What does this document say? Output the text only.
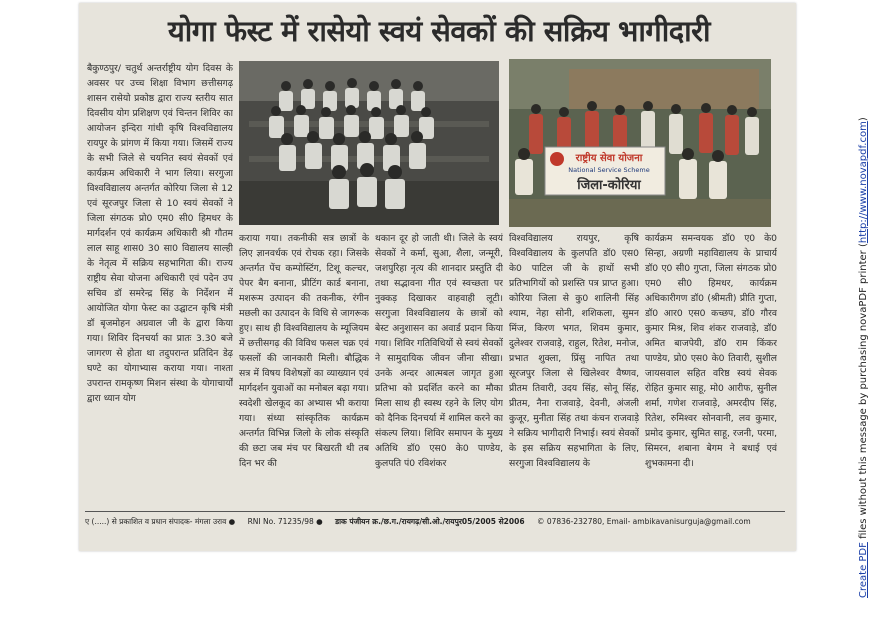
योगा फेस्ट में रासेयो स्वयं सेवकों की सक्रिय भागीदारी
राष्ट्रीय सेवा योजना
National Service Scheme
जिला-कोरिया

बैकुण्ठपुर/ चतुर्थ अन्तर्राष्ट्रीय योग दिवस के अवसर पर उच्च शिक्षा विभाग छत्तीसगढ़ शासन रासेयो प्रकोष्ठ द्वारा राज्य स्तरीय सात दिवसीय योग प्रशिक्षण एवं चिन्तन शिविर का आयोजन इन्दिरा गांधी कृषि विश्वविद्यालय रायपुर के प्रांगण में किया गया। जिसमें राज्य के सभी जिले से चयनित स्वयं सेवकों एवं कार्यक्रम अधिकारी ने भाग लिया। सरगुजा विश्वविद्यालय अन्तर्गत कोरिया जिला से 12 एवं सूरजपुर जिला से 10 स्वयं सेवकों ने जिला संगठक प्रो0 एम0 सी0 हिमधर के मार्गदर्शन एवं कार्यक्रम अधिकारी श्री गौतम लाल साहू शास0 30 सा0 विद्यालय साल्ही के नेतृत्व में सक्रिय सहभागिता की। राज्य राष्ट्रीय सेवा योजना अधिकारी एवं पदेन उप सचिव डॉ समरेन्द्र सिंह के निर्देशन में आयोजित योगा फेस्ट का उद्घाटन कृषि मंत्री डॉ बृजमोहन अग्रवाल जी के द्वारा किया गया। शिविर दिनचर्या का प्रातः 3.30 बजे जागरण से होता था तदुपरान्त प्रतिदिन डेढ़ घण्टे का योगाभ्यास कराया गया। नाश्ता उपरान्त रामकृष्ण मिशन संस्था के योगाचार्यों द्वारा ध्यान योग

कराया गया। तकनीकी सत्र छात्रों के लिए ज्ञानवर्धक एवं रोचक रहा। जिसके अन्तर्गत पेंच कम्पोस्टिंग, टिशू कल्चर, पेपर बैग बनाना, प्रीटिंग कार्ड बनाना, मशरूम उत्पादन की तकनीक, रंगीन मछली का उत्पादन के विधि से जागरूक हुए। साथ ही विश्वविद्यालय के म्यूजियम में छत्तीसगढ़ की विविध फसल चक्र एवं फसलों की जानकारी मिली। बौद्धिक सत्र में विषय विशेषज्ञों का व्याख्यान एवं मार्गदर्शन युवाओं का मनोबल बढ़ा गया। स्वदेशी खेलकूद का अभ्यास भी कराया गया। संध्या सांस्कृतिक कार्यक्रम अन्तर्गत विभिन्न जिलो के लोक संस्कृति की छटा जब मंच पर बिखरती थी तब दिन भर की

थकान दूर हो जाती थी। जिले के स्वयं सेवकों ने कर्मा, सुआ, शैला, जन्मूरी, जशपुरिहा नृत्य की शानदार प्रस्तुति दी तथा सद्भावना गीत एवं स्वच्छता पर नुक्कड़ दिखाकर वाहवाही लूटी। सरगुजा विश्वविद्यालय के छात्रों को बेस्ट अनुशासन का अवार्ड प्रदान किया गया। शिविर गतिविधियों से स्वयं सेवकों ने सामुदायिक जीवन जीना सीखा। उनके अन्दर आत्मबल जागृत हुआ प्रतिभा को प्रदर्शित करने का मौका मिला साथ ही स्वस्थ रहने के लिए योग को दैनिक दिनचर्या में शामिल करने का संकल्प लिया। शिविर समापन के मुख्य अतिथि डॉ0 एस0 के0 पाण्डेय, कुलपति पं0 रविशंकर

विश्वविद्यालय रायपुर, कृषि विश्वविद्यालय के कुलपति डॉ0 एस0 के0 पाटिल जी के हाथों सभी प्रतिभागियों को प्रशस्ति पत्र प्राप्त हुआ। कोरिया जिला से कु0 शालिनी सिंह श्याम, नेहा सोनी, शशिकला, सुमन मिंज, किरण भगत, शिवम कुमार, दुलेश्वर राजवाड़े, राहुल, रितेश, मनोज, प्रभात शुक्ला, प्रिंसु नापित तथा सूरजपुर जिला से खिलेश्वर वैष्णव, प्रीतम तिवारी, उदय सिंह, सोनू सिंह, प्रीतम, नैना राजवाड़े, देवनी, अंजली कुजूर, मुनीता सिंह तथा कंचन राजवाड़े ने सक्रिय भागीदारी निभाई। स्वयं सेवकों के इस सक्रिय सहभागिता के लिए, सरगुजा विश्वविद्यालय के

कार्यक्रम समन्वयक डॉ0 ए0 के0 सिन्हा, अग्रणी महाविद्यालय के प्राचार्य डॉ0 ए0 सी0 गुप्ता, जिला संगठक प्रो0 एम0 सी0 हिमधर, कार्यक्रम अधिकारीगण डॉ0 (श्रीमती) प्रीति गुप्ता, डॉ0 आर0 एस0 कच्छप, डॉ0 गौरव कुमार मिश्र, शिव शंकर राजवाड़े, डॉ0 अमित बाजपेयी, डॉ0 राम किंकर पाण्डेय, प्रो0 एस0 के0 तिवारी, सुशील जायसवाल सहित वरिष्ठ स्वयं सेवक रोहित कुमार साहू, मो0 आरीफ, सुनील शर्मा, गणेश राजवाड़े, अमरदीप सिंह, रितेश, रुमिश्वर सोनवानी, लव कुमार, प्रमोद कुमार, सुमित साहू, रजनी, परमा, सिमरन, शबाना बेगम ने बधाई एवं शुभकामना दी।

ए (.....) से प्रकाशित व प्रधान संपादक- मंगला उराव ● RNI No. 71235/98 ● डाक पंजीयन क्र./छ.ग./रायगढ़/सी.ओ./रायपुर05/2005 से2006 © 07836-232780, Email- ambikavanisurguja@gmail.com
Create PDF files without this message by purchasing novaPDF printer (http://www.novapdf.com)
